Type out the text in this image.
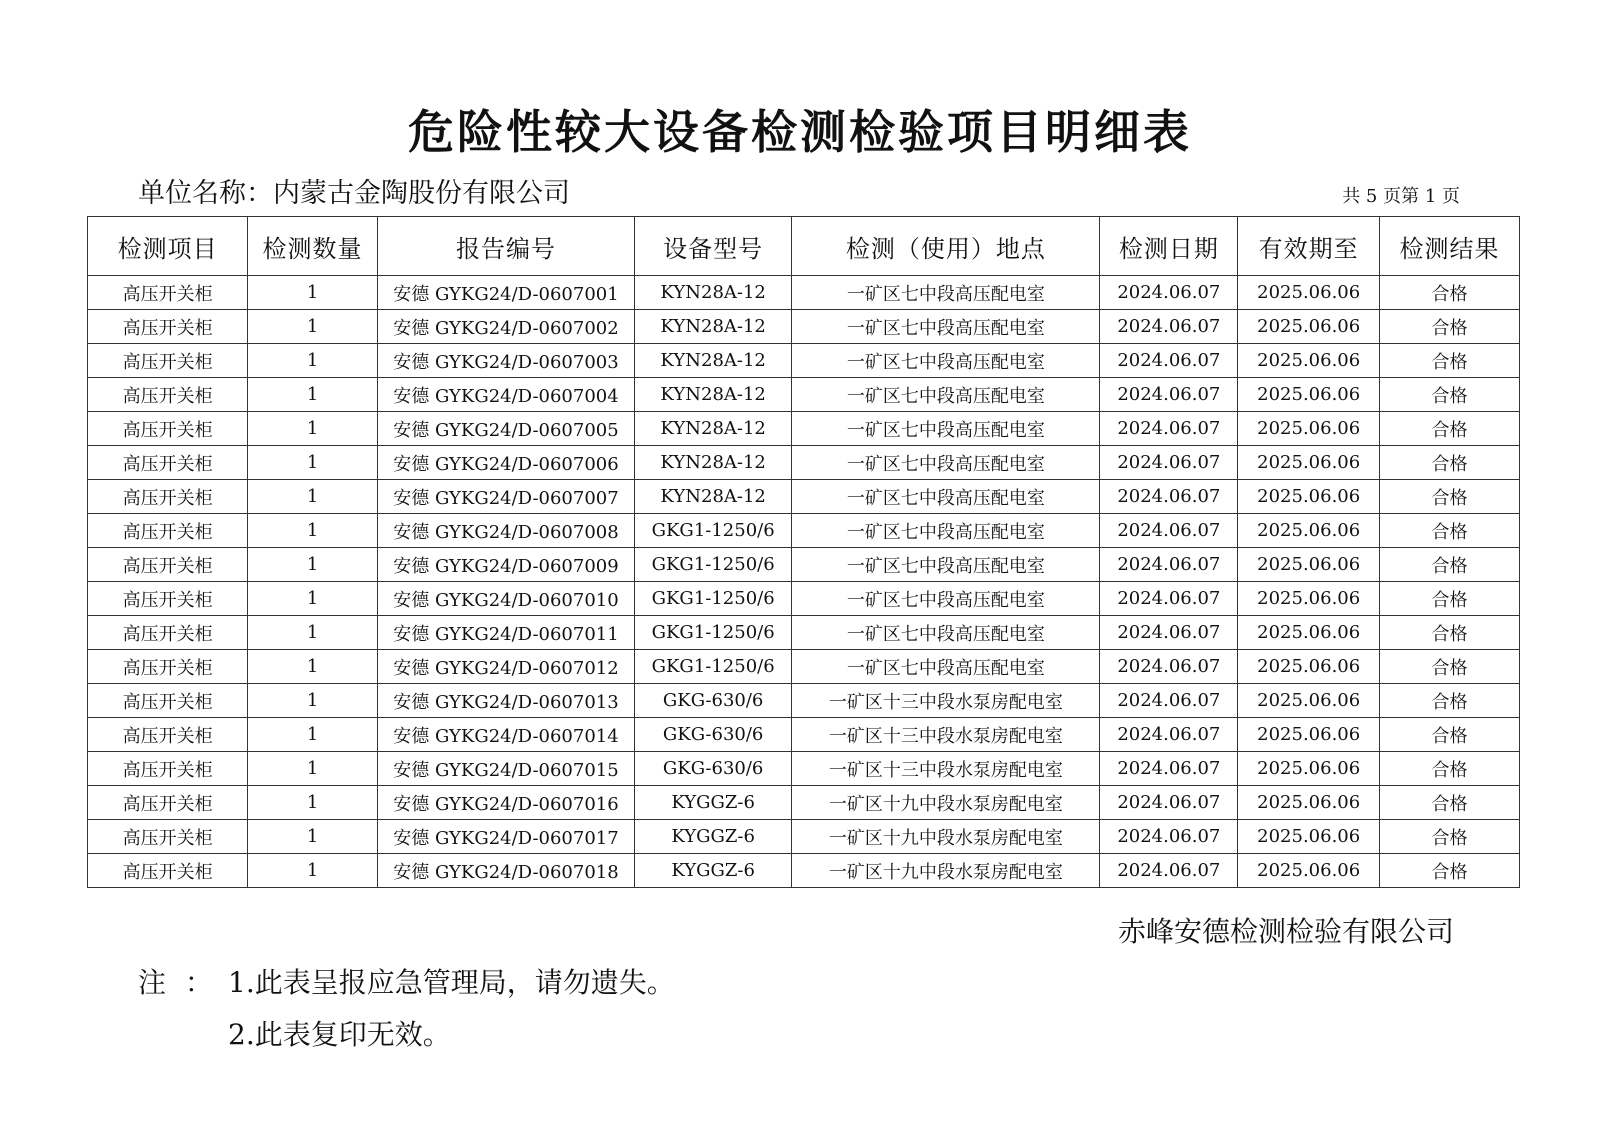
危险性较大设备检测检验项目明细表
单位名称：内蒙古金陶股份有限公司	共 5 页第 1 页
检测项目	检测数量	报告编号	设备型号	检测（使用）地点	检测日期	有效期至	检测结果
高压开关柜	1	安德 GYKG24/D-0607001	KYN28A-12	一矿区七中段高压配电室	2024.06.07	2025.06.06	合格
高压开关柜	1	安德 GYKG24/D-0607002	KYN28A-12	一矿区七中段高压配电室	2024.06.07	2025.06.06	合格
高压开关柜	1	安德 GYKG24/D-0607003	KYN28A-12	一矿区七中段高压配电室	2024.06.07	2025.06.06	合格
高压开关柜	1	安德 GYKG24/D-0607004	KYN28A-12	一矿区七中段高压配电室	2024.06.07	2025.06.06	合格
高压开关柜	1	安德 GYKG24/D-0607005	KYN28A-12	一矿区七中段高压配电室	2024.06.07	2025.06.06	合格
高压开关柜	1	安德 GYKG24/D-0607006	KYN28A-12	一矿区七中段高压配电室	2024.06.07	2025.06.06	合格
高压开关柜	1	安德 GYKG24/D-0607007	KYN28A-12	一矿区七中段高压配电室	2024.06.07	2025.06.06	合格
高压开关柜	1	安德 GYKG24/D-0607008	GKG1-1250/6	一矿区七中段高压配电室	2024.06.07	2025.06.06	合格
高压开关柜	1	安德 GYKG24/D-0607009	GKG1-1250/6	一矿区七中段高压配电室	2024.06.07	2025.06.06	合格
高压开关柜	1	安德 GYKG24/D-0607010	GKG1-1250/6	一矿区七中段高压配电室	2024.06.07	2025.06.06	合格
高压开关柜	1	安德 GYKG24/D-0607011	GKG1-1250/6	一矿区七中段高压配电室	2024.06.07	2025.06.06	合格
高压开关柜	1	安德 GYKG24/D-0607012	GKG1-1250/6	一矿区七中段高压配电室	2024.06.07	2025.06.06	合格
高压开关柜	1	安德 GYKG24/D-0607013	GKG-630/6	一矿区十三中段水泵房配电室	2024.06.07	2025.06.06	合格
高压开关柜	1	安德 GYKG24/D-0607014	GKG-630/6	一矿区十三中段水泵房配电室	2024.06.07	2025.06.06	合格
高压开关柜	1	安德 GYKG24/D-0607015	GKG-630/6	一矿区十三中段水泵房配电室	2024.06.07	2025.06.06	合格
高压开关柜	1	安德 GYKG24/D-0607016	KYGGZ-6	一矿区十九中段水泵房配电室	2024.06.07	2025.06.06	合格
高压开关柜	1	安德 GYKG24/D-0607017	KYGGZ-6	一矿区十九中段水泵房配电室	2024.06.07	2025.06.06	合格
高压开关柜	1	安德 GYKG24/D-0607018	KYGGZ-6	一矿区十九中段水泵房配电室	2024.06.07	2025.06.06	合格
赤峰安德检测检验有限公司
注 ： 1.此表呈报应急管理局，请勿遗失。
2.此表复印无效。
